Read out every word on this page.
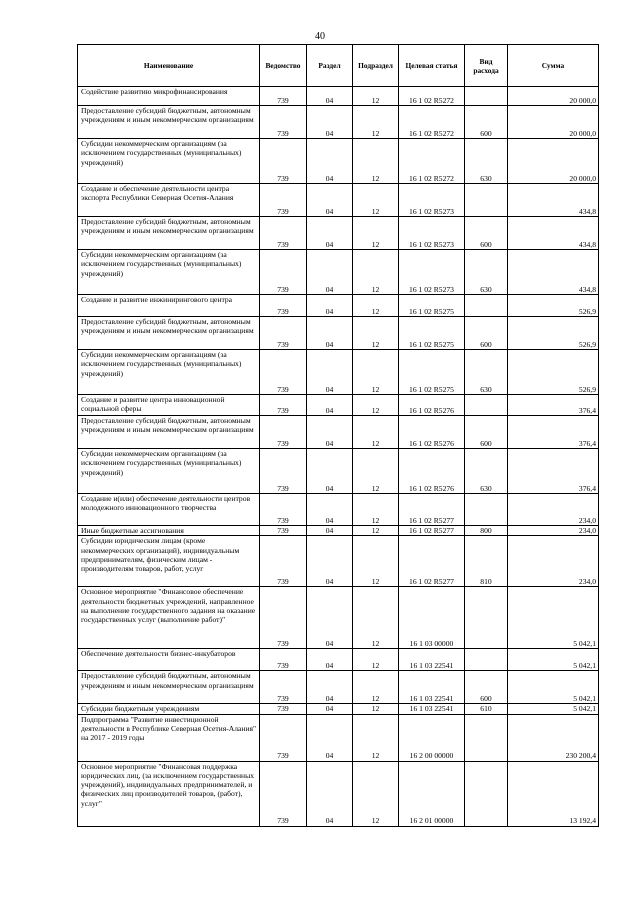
40
Наименование	Ведомство	Раздел	Подраздел	Целевая статья	Вид расхода	Сумма
Содействие развитию микрофинансирования	739	04	12	16 1 02 R5272		20 000,0
Предоставление субсидий бюджетным, автономным учреждениям и иным некоммерческим организациям	739	04	12	16 1 02 R5272	600	20 000,0
Субсидии некоммерческим организациям (за исключением государственных (муниципальных) учреждений)	739	04	12	16 1 02 R5272	630	20 000,0
Создание и обеспечение деятельности центра экспорта Республики Северная Осетия-Алания	739	04	12	16 1 02 R5273		434,8
Предоставление субсидий бюджетным, автономным учреждениям и иным некоммерческим организациям	739	04	12	16 1 02 R5273	600	434,8
Субсидии некоммерческим организациям (за исключением государственных (муниципальных) учреждений)	739	04	12	16 1 02 R5273	630	434,8
Создание и развитие инжинирингового центра	739	04	12	16 1 02 R5275		526,9
Предоставление субсидий бюджетным, автономным учреждениям и иным некоммерческим организациям	739	04	12	16 1 02 R5275	600	526,9
Субсидии некоммерческим организациям (за исключением государственных (муниципальных) учреждений)	739	04	12	16 1 02 R5275	630	526,9
Создание и развитие центра инновационной социальной сферы	739	04	12	16 1 02 R5276		376,4
Предоставление субсидий бюджетным, автономным учреждениям и иным некоммерческим организациям	739	04	12	16 1 02 R5276	600	376,4
Субсидии некоммерческим организациям (за исключением государственных (муниципальных) учреждений)	739	04	12	16 1 02 R5276	630	376,4
Создание и(или) обеспечение деятельности центров молодежного инновационного творчества	739	04	12	16 1 02 R5277		234,0
Иные бюджетные ассигнования	739	04	12	16 1 02 R5277	800	234,0
Субсидии юридическим лицам (кроме некоммерческих организаций), индивидуальным предпринимателям, физическим лицам - производителям товаров, работ, услуг	739	04	12	16 1 02 R5277	810	234,0
Основное мероприятие "Финансовое обеспечение деятельности бюджетных учреждений, направленное на выполнение государственного задания на оказание государственных услуг (выполнение работ)"	739	04	12	16 1 03 00000		5 042,1
Обеспечение деятельности бизнес-инкубаторов	739	04	12	16 1 03 22541		5 042,1
Предоставление субсидий бюджетным, автономным учреждениям и иным некоммерческим организациям	739	04	12	16 1 03 22541	600	5 042,1
Субсидии бюджетным учреждениям	739	04	12	16 1 03 22541	610	5 042,1
Подпрограмма "Развитие инвестиционной деятельности в Республике Северная Осетия-Алания" на 2017 - 2019 годы	739	04	12	16 2 00 00000		230 200,4
Основное мероприятие "Финансовая поддержка юридических лиц, (за исключением государственных учреждений), индивидуальных предпринимателей, и физических лиц производителей товаров, (работ), услуг"	739	04	12	16 2 01 00000		13 192,4
